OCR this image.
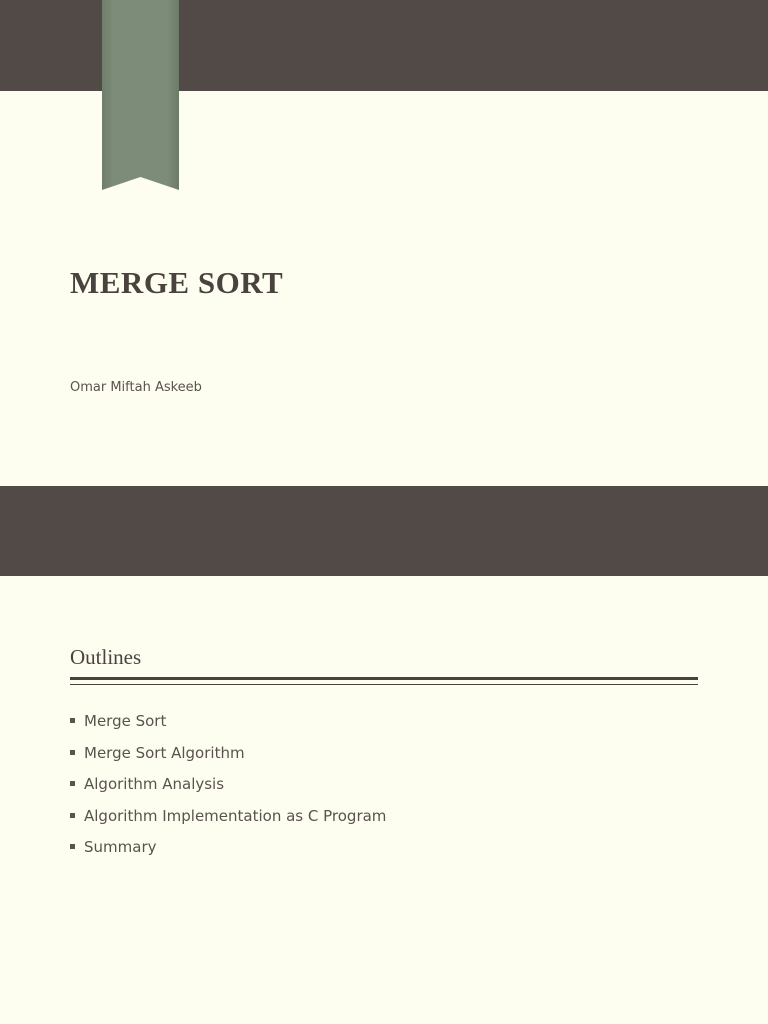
MERGE SORT

Omar Miftah Askeeb

Outlines
Merge Sort
Merge Sort Algorithm
Algorithm Analysis
Algorithm Implementation as C Program
Summary
